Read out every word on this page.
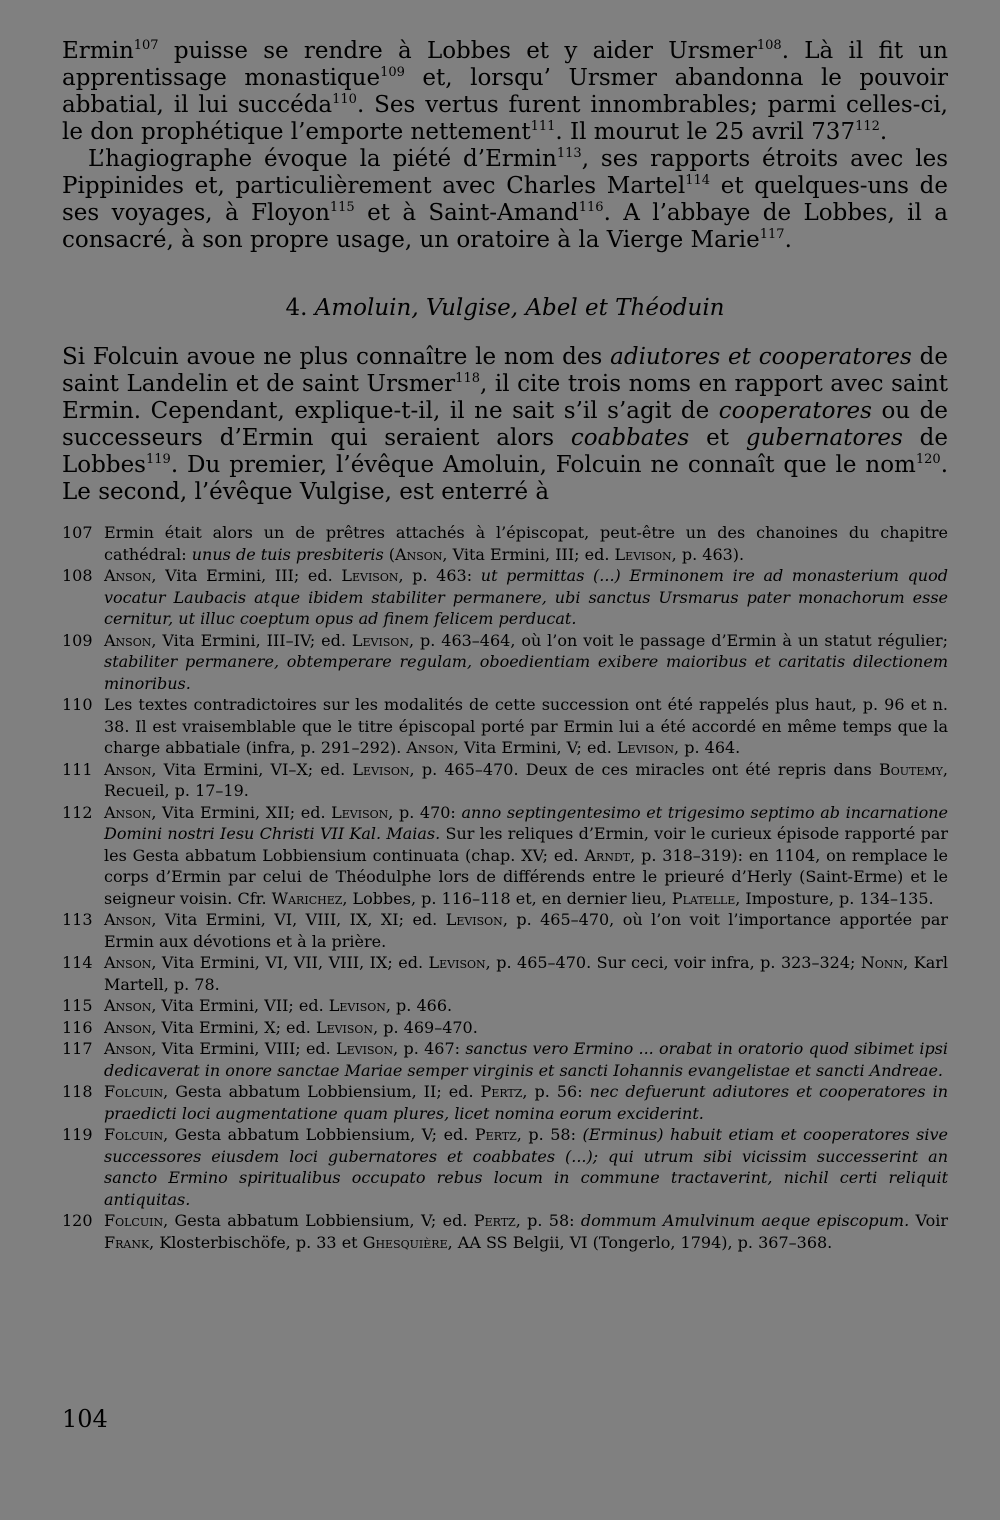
Ermin$^{107}$ puisse se rendre à Lobbes et y aider Ursmer$^{108}$. Là il fit un apprentissage monastique$^{109}$ et, lorsqu’ Ursmer abandonna le pouvoir abbatial, il lui succéda$^{110}$. Ses vertus furent innombrables; parmi celles-ci, le don prophétique l’emporte nettement$^{111}$. Il mourut le 25 avril $737^{112}$.

L’hagiographe évoque la piété d’Ermin$^{113}$, ses rapports étroits avec les Pippinides et, particulièrement avec Charles Martel$^{114}$ et quelques-uns de ses voyages, à Floyon$^{115}$ et à Saint-Amand$^{116}$. A l’abbaye de Lobbes, il a consacré, à son propre usage, un oratoire à la Vierge Marie$^{117}$.

4. Amoluin, Vulgise, Abel et Théoduin

Si Folcuin avoue ne plus connaître le nom des adiutores et cooperatores de saint Landelin et de saint Ursmer$^{118}$, il cite trois noms en rapport avec saint Ermin. Cependant, explique-t-il, il ne sait s’il s’agit de cooperatores ou de successeurs d’Ermin qui seraient alors coabbates et gubernatores de Lobbes$^{119}$. Du premier, l’évêque Amoluin, Folcuin ne connaît que le nom$^{120}$. Le second, l’évêque Vulgise, est enterré à

107 Ermin était alors un de prêtres attachés à l’épiscopat, peut-être un des chanoines du chapitre cathédral: unus de tuis presbiteris (Anson, Vita Ermini, III; ed. Levison, p. 463).
108 Anson, Vita Ermini, III; ed. Levison, p. 463: ut permittas (...) Erminonem ire ad monasterium quod vocatur Laubacis atque ibidem stabiliter permanere, ubi sanctus Ursmarus pater monachorum esse cernitur, ut illuc coeptum opus ad finem felicem perducat.
109 Anson, Vita Ermini, III–IV; ed. Levison, p. 463–464, où l’on voit le passage d’Ermin à un statut régulier; stabiliter permanere, obtemperare regulam, oboedientiam exibere maioribus et caritatis dilectionem minoribus.
110 Les textes contradictoires sur les modalités de cette succession ont été rappelés plus haut, p. 96 et n. 38. Il est vraisemblable que le titre épiscopal porté par Ermin lui a été accordé en même temps que la charge abbatiale (infra, p. 291–292). Anson, Vita Ermini, V; ed. Levison, p. 464.
111 Anson, Vita Ermini, VI–X; ed. Levison, p. 465–470. Deux de ces miracles ont été repris dans Boutemy, Recueil, p. 17–19.
112 Anson, Vita Ermini, XII; ed. Levison, p. 470: anno septingentesimo et trigesimo septimo ab incarnatione Domini nostri Iesu Christi VII Kal. Maias. Sur les reliques d’Ermin, voir le curieux épisode rapporté par les Gesta abbatum Lobbiensium continuata (chap. XV; ed. Arndt, p. 318–319): en 1104, on remplace le corps d’Ermin par celui de Théodulphe lors de différends entre le prieuré d’Herly (Saint-Erme) et le seigneur voisin. Cfr. Warichez, Lobbes, p. 116–118 et, en dernier lieu, Platelle, Imposture, p. 134–135.
113 Anson, Vita Ermini, VI, VIII, IX, XI; ed. Levison, p. 465–470, où l’on voit l’importance apportée par Ermin aux dévotions et à la prière.
114 Anson, Vita Ermini, VI, VII, VIII, IX; ed. Levison, p. 465–470. Sur ceci, voir infra, p. 323–324; Nonn, Karl Martell, p. 78.
115 Anson, Vita Ermini, VII; ed. Levison, p. 466.
116 Anson, Vita Ermini, X; ed. Levison, p. 469–470.
117 Anson, Vita Ermini, VIII; ed. Levison, p. 467: sanctus vero Ermino ... orabat in oratorio quod sibimet ipsi dedicaverat in onore sanctae Mariae semper virginis et sancti Iohannis evangelistae et sancti Andreae.
118 Folcuin, Gesta abbatum Lobbiensium, II; ed. Pertz, p. 56: nec defuerunt adiutores et cooperatores in praedicti loci augmentatione quam plures, licet nomina eorum exciderint.
119 Folcuin, Gesta abbatum Lobbiensium, V; ed. Pertz, p. 58: (Erminus) habuit etiam et cooperatores sive successores eiusdem loci gubernatores et coabbates (...); qui utrum sibi vicissim successerint an sancto Ermino spiritualibus occupato rebus locum in commune tractaverint, nichil certi reliquit antiquitas.
120 Folcuin, Gesta abbatum Lobbiensium, V; ed. Pertz, p. 58: dommum Amulvinum aeque episcopum. Voir Frank, Klosterbischöfe, p. 33 et Ghesquière, AA SS Belgii, VI (Tongerlo, 1794), p. 367–368.
104
